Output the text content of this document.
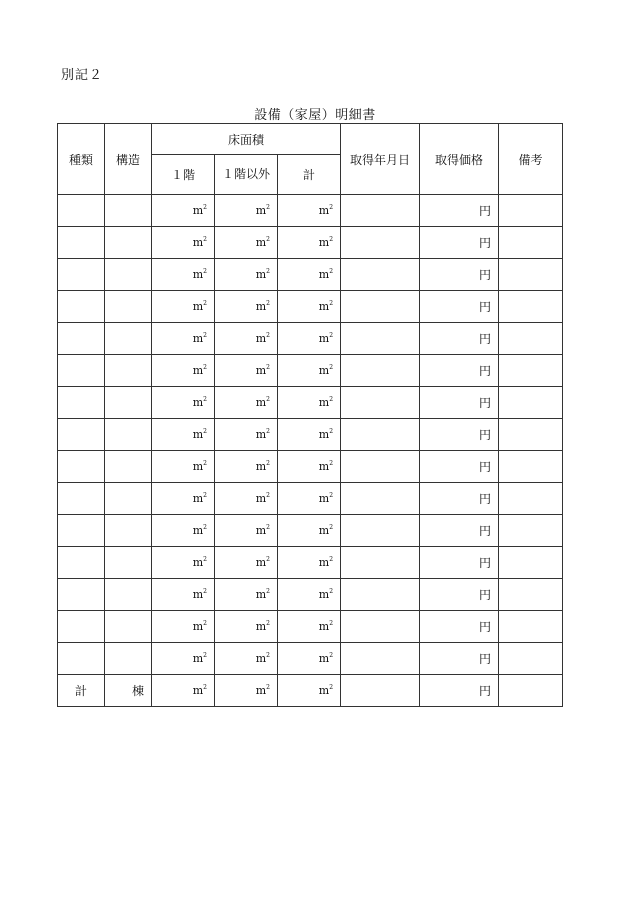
別記２
設備（家屋）明細書
種類	構造	床面積			取得年月日	取得価格	備考
		１階	１階以外	計			
		$m^2$	$m^2$	$m^2$		円	
		$m^2$	$m^2$	$m^2$		円	
		$m^2$	$m^2$	$m^2$		円	
		$m^2$	$m^2$	$m^2$		円	
		$m^2$	$m^2$	$m^2$		円	
		$m^2$	$m^2$	$m^2$		円	
		$m^2$	$m^2$	$m^2$		円	
		$m^2$	$m^2$	$m^2$		円	
		$m^2$	$m^2$	$m^2$		円	
		$m^2$	$m^2$	$m^2$		円	
		$m^2$	$m^2$	$m^2$		円	
		$m^2$	$m^2$	$m^2$		円	
		$m^2$	$m^2$	$m^2$		円	
		$m^2$	$m^2$	$m^2$		円	
		$m^2$	$m^2$	$m^2$		円	
計	棟	$m^2$	$m^2$	$m^2$		円	
